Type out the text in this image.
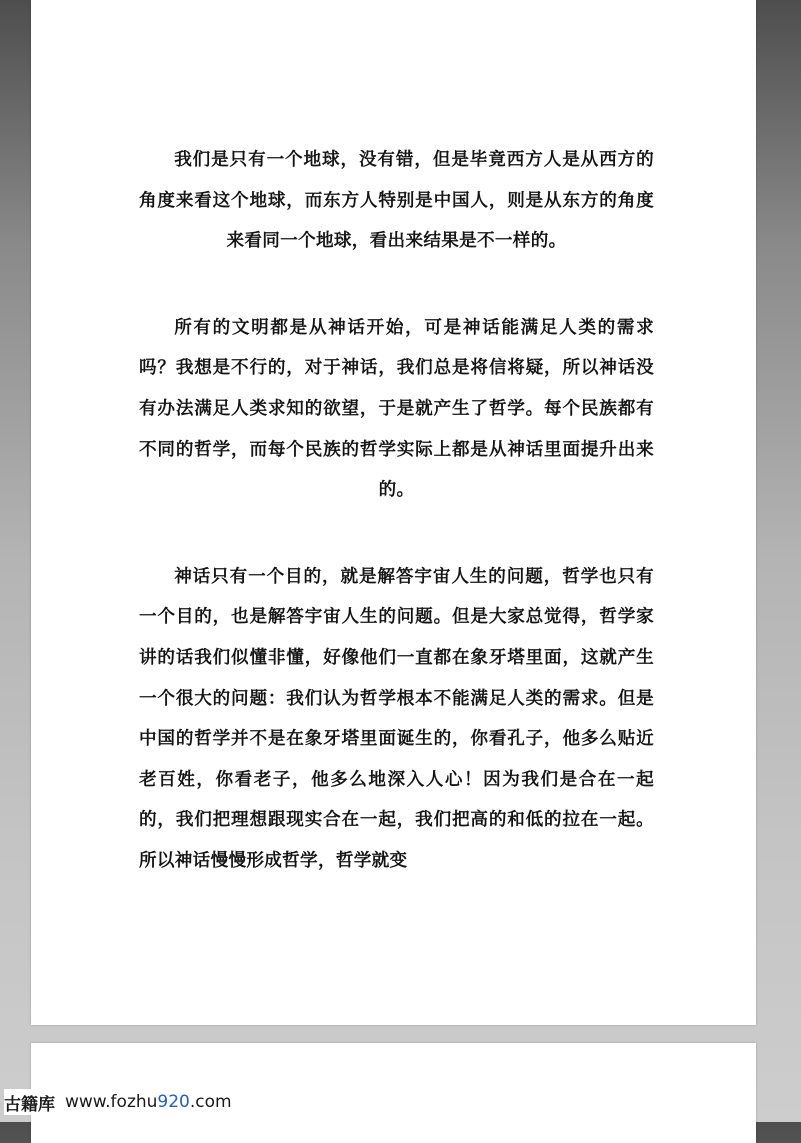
我们是只有一个地球，没有错，但是毕竟西方人是从西方的角度来看这个地球，而东方人特别是中国人，则是从东方的角度来看同一个地球，看出来结果是不一样的。

所有的文明都是从神话开始，可是神话能满足人类的需求吗？我想是不行的，对于神话，我们总是将信将疑，所以神话没有办法满足人类求知的欲望，于是就产生了哲学。每个民族都有不同的哲学，而每个民族的哲学实际上都是从神话里面提升出来的。

神话只有一个目的，就是解答宇宙人生的问题，哲学也只有一个目的，也是解答宇宙人生的问题。但是大家总觉得，哲学家讲的话我们似懂非懂，好像他们一直都在象牙塔里面，这就产生一个很大的问题：我们认为哲学根本不能满足人类的需求。但是中国的哲学并不是在象牙塔里面诞生的，你看孔子，他多么贴近老百姓，你看老子，他多么地深入人心！因为我们是合在一起的，我们把理想跟现实合在一起，我们把高的和低的拉在一起。所以神话慢慢形成哲学，哲学就变

古籍库 www.fozhu920.com
